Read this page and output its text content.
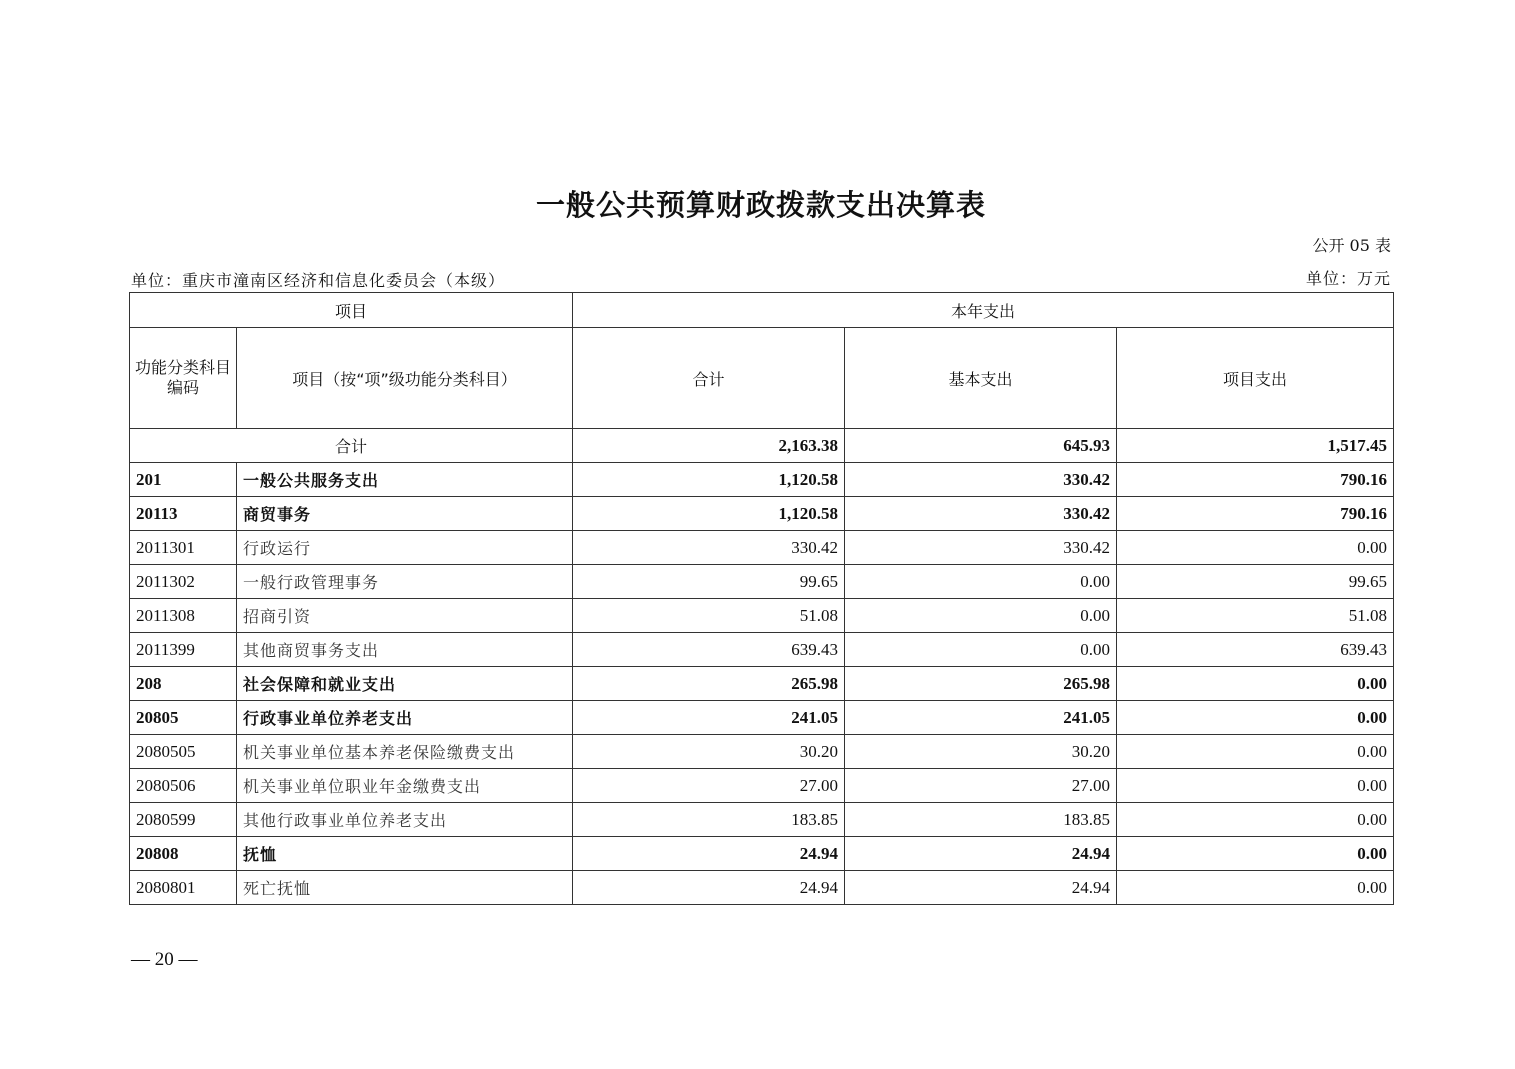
一般公共预算财政拨款支出决算表
公开 05 表
单位：重庆市潼南区经济和信息化委员会（本级）	单位：万元
项目		本年支出		
功能分类科目编码	项目（按“项”级功能分类科目）	合计	基本支出	项目支出
合计		2,163.38	645.93	1,517.45
201	一般公共服务支出	1,120.58	330.42	790.16
20113	商贸事务	1,120.58	330.42	790.16
2011301	行政运行	330.42	330.42	0.00
2011302	一般行政管理事务	99.65	0.00	99.65
2011308	招商引资	51.08	0.00	51.08
2011399	其他商贸事务支出	639.43	0.00	639.43
208	社会保障和就业支出	265.98	265.98	0.00
20805	行政事业单位养老支出	241.05	241.05	0.00
2080505	机关事业单位基本养老保险缴费支出	30.20	30.20	0.00
2080506	机关事业单位职业年金缴费支出	27.00	27.00	0.00
2080599	其他行政事业单位养老支出	183.85	183.85	0.00
20808	抚恤	24.94	24.94	0.00
2080801	死亡抚恤	24.94	24.94	0.00
— 20 —
